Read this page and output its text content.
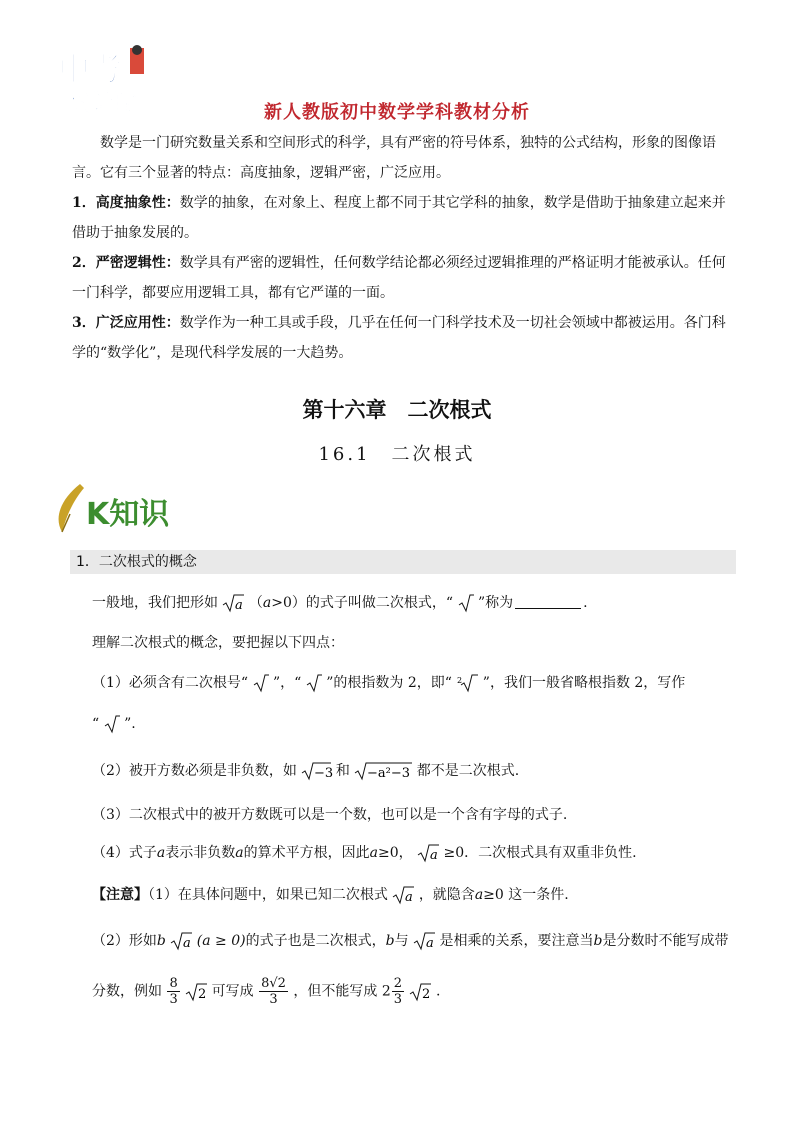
中考
倒计时	新人教版初中数学学科教材分析

数学是一门研究数量关系和空间形式的科学，具有严密的符号体系，独特的公式结构，形象的图像语言。它有三个显著的特点：高度抽象，逻辑严密，广泛应用。

1．高度抽象性：数学的抽象，在对象上、程度上都不同于其它学科的抽象，数学是借助于抽象建立起来并借助于抽象发展的。

2．严密逻辑性：数学具有严密的逻辑性，任何数学结论都必须经过逻辑推理的严格证明才能被承认。任何一门科学，都要应用逻辑工具，都有它严谨的一面。

3．广泛应用性：数学作为一种工具或手段，几乎在任何一门科学技术及一切社会领域中都被运用。各门科学的“数学化”，是现代科学发展的一大趋势。

第十六章　二次根式
16.1　二次根式
K知识
1．二次根式的概念
一般地，我们把形如 a （a>0）的式子叫做二次根式，“ ”称为	.
理解二次根式的概念，要把握以下四点：
（1）必须含有二次根号“ ”，“ ”的根指数为 2，即“ 2 ”，我们一般省略根指数 2，写作
“ ”.
（2）被开方数必须是非负数，如 −3 和 −a²−3 都不是二次根式.
（3）二次根式中的被开方数既可以是一个数，也可以是一个含有字母的式子.
（4）式子a表示非负数a的算术平方根，因此a≥0， a ≥0．二次根式具有双重非负性.
【注意】（1）在具体问题中，如果已知二次根式 a ，就隐含a≥0 这一条件.
（2）形如b a (a ≥ 0)的式子也是二次根式，b与 a 是相乘的关系，要注意当b是分数时不能写成带
分数，例如 $\frac{8}{3}$
2 可写成 $\frac{8√2}{3}$ ，但不能写成 $2 \frac{2}{3}$
2 .
